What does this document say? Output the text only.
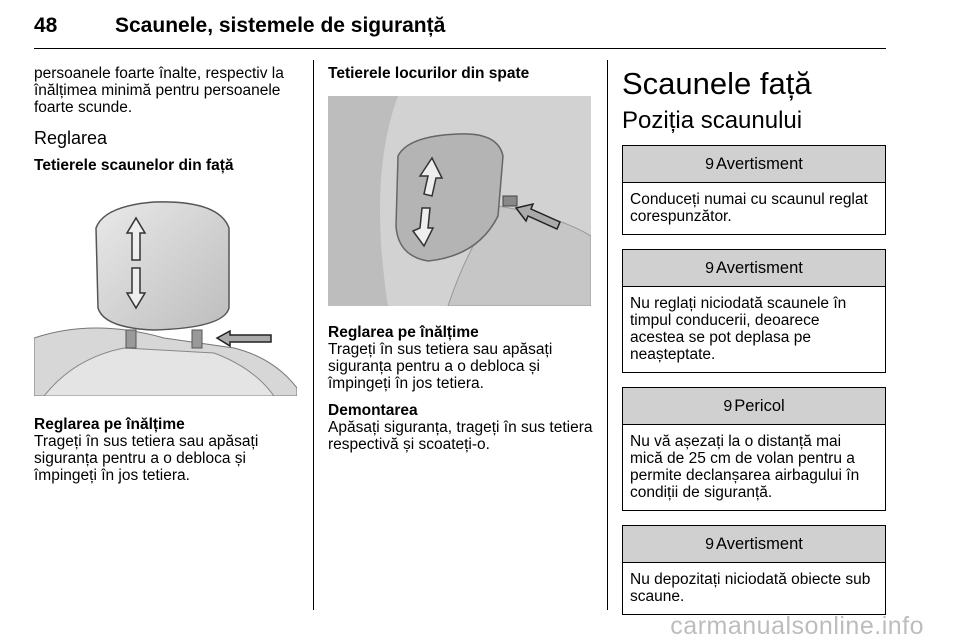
48	Scaunele, sistemele de siguranță

persoanele foarte înalte, respectiv la înălțimea minimă pentru persoanele foarte scunde.

Reglarea
Tetierele scaunelor din față
Reglarea pe înălțime

Trageți în sus tetiera sau apăsați siguranța pentru a o debloca și împingeți în jos tetiera.

Tetierele locurilor din spate
Reglarea pe înălțime

Trageți în sus tetiera sau apăsați siguranța pentru a o debloca și împingeți în jos tetiera.

Demontarea

Apăsați siguranța, trageți în sus tetiera respectivă și scoateți-o.

Scaunele față
Poziția scaunului
9 Avertisment
Conduceți numai cu scaunul reglat corespunzător.
9 Avertisment
Nu reglați niciodată scaunele în timpul conducerii, deoarece acestea se pot deplasa pe neașteptate.
9 Pericol
Nu vă așezați la o distanță mai mică de 25 cm de volan pentru a permite declanșarea airbagului în condiții de siguranță.
9 Avertisment
Nu depozitați niciodată obiecte sub scaune.
carmanualsonline.info
